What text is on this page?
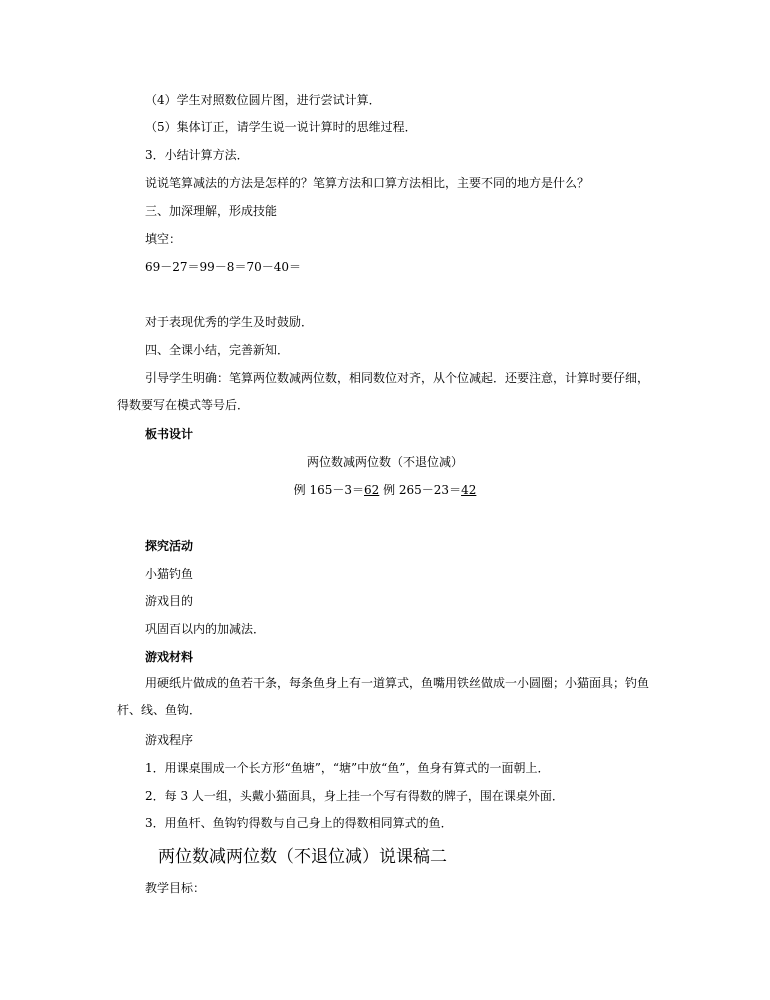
（4）学生对照数位圆片图，进行尝试计算．
（5）集体订正，请学生说一说计算时的思维过程．
3．小结计算方法．
说说笔算减法的方法是怎样的？笔算方法和口算方法相比，主要不同的地方是什么？
三、加深理解，形成技能
填空：
69－27＝99－8＝70－40＝
对于表现优秀的学生及时鼓励．
四、全课小结，完善新知．
引导学生明确：笔算两位数减两位数，相同数位对齐，从个位减起．还要注意，计算时要仔细，得数要写在模式等号后．
板书设计
两位数减两位数（不退位减）
例 165－3＝62 例 265－23＝42
探究活动
小猫钓鱼
游戏目的
巩固百以内的加减法．
游戏材料
用硬纸片做成的鱼若干条，每条鱼身上有一道算式，鱼嘴用铁丝做成一小圆圈；小猫面具；钓鱼杆、线、鱼钩．
游戏程序
1．用课桌围成一个长方形“鱼塘”，“塘”中放“鱼”，鱼身有算式的一面朝上．
2．每 3 人一组，头戴小猫面具，身上挂一个写有得数的牌子，围在课桌外面．
3．用鱼杆、鱼钩钓得数与自己身上的得数相同算式的鱼．
两位数减两位数（不退位减）说课稿二
教学目标：
